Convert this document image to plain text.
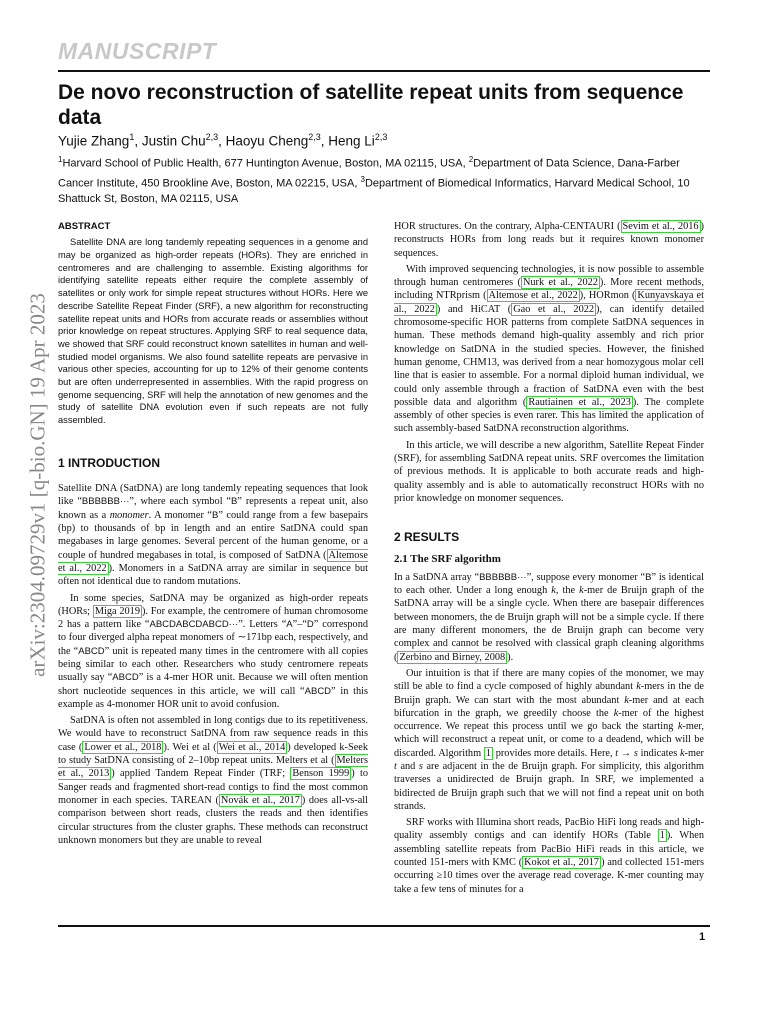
MANUSCRIPT
De novo reconstruction of satellite repeat units from sequence data
Yujie Zhang$^1$, Justin Chu$^{2,3}$, Haoyu Cheng$^{2,3}$, Heng Li$^{2,3}$
$^1$Harvard School of Public Health, 677 Huntington Avenue, Boston, MA 02115, USA, $^2$Department of Data Science, Dana-Farber Cancer Institute, 450 Brookline Ave, Boston, MA 02215, USA, $^3$Department of Biomedical Informatics, Harvard Medical School, 10 Shattuck St, Boston, MA 02115, USA
arXiv:2304.09729v1 [q-bio.GN] 19 Apr 2023
ABSTRACT

Satellite DNA are long tandemly repeating sequences in a genome and may be organized as high-order repeats (HORs). They are enriched in centromeres and are challenging to assemble. Existing algorithms for identifying satellite repeats either require the complete assembly of satellites or only work for simple repeat structures without HORs. Here we describe Satellite Repeat Finder (SRF), a new algorithm for reconstructing satellite repeat units and HORs from accurate reads or assemblies without prior knowledge on repeat structures. Applying SRF to real sequence data, we showed that SRF could reconstruct known satellites in human and well-studied model organisms. We also found satellite repeats are pervasive in various other species, accounting for up to 12% of their genome contents but are often underrepresented in assemblies. With the rapid progress on genome sequencing, SRF will help the annotation of new genomes and the study of satellite DNA evolution even if such repeats are not fully assembled.

1 INTRODUCTION

Satellite DNA (SatDNA) are long tandemly repeating sequences that look like “BBBBBB···”, where each symbol “B” represents a repeat unit, also known as a monomer. A monomer “B” could range from a few basepairs (bp) to thousands of bp in length and an entire SatDNA could span megabases in large genomes. Several percent of the human genome, or a couple of hundred megabases in total, is composed of SatDNA ( Altemose et al., 2022 ). Monomers in a SatDNA array are similar in sequence but often not identical due to random mutations.

In some species, SatDNA may be organized as high-order repeats (HORs; Miga 2019 ). For example, the centromere of human chromosome 2 has a pattern like “ABCDABCDABCD···”. Letters “A”–“D” correspond to four diverged alpha repeat monomers of ∼171bp each, respectively, and the “ABCD” unit is repeated many times in the centromere with all copies being similar to each other. Researchers who study centromere repeats usually say “ABCD” is a 4-mer HOR unit. Because we will often mention short nucleotide sequences in this article, we will call “ABCD” in this example as 4-monomer HOR unit to avoid confusion.

SatDNA is often not assembled in long contigs due to its repetitiveness. We would have to reconstruct SatDNA from raw sequence reads in this case ( Lower et al., 2018 ). Wei et al ( Wei et al., 2014 ) developed k-Seek to study SatDNA consisting of 2–10bp repeat units. Melters et al ( Melters et al., 2013 ) applied Tandem Repeat Finder (TRF; Benson 1999 ) to Sanger reads and fragmented short-read contigs to find the most common monomer in each species. TAREAN ( Novák et al., 2017 ) does all-vs-all comparison between short reads, clusters the reads and then identifies circular structures from the cluster graphs. These methods can reconstruct unknown monomers but they are unable to reveal

HOR structures. On the contrary, Alpha-CENTAURI ( Sevim et al., 2016 ) reconstructs HORs from long reads but it requires known monomer sequences.

With improved sequencing technologies, it is now possible to assemble through human centromeres ( Nurk et al., 2022 ). More recent methods, including NTRprism ( Altemose et al., 2022 ), HORmon ( Kunyavskaya et al., 2022 ) and HiCAT ( Gao et al., 2022 ), can identify detailed chromosome-specific HOR patterns from complete SatDNA sequences in human. These methods demand high-quality assembly and rich prior knowledge on SatDNA in the studied species. However, the finished human genome, CHM13, was derived from a near homozygous molar cell line that is easier to assemble. For a normal diploid human individual, we could only assemble through a fraction of SatDNA even with the best possible data and algorithm ( Rautiainen et al., 2023 ). The complete assembly of other species is even rarer. This has limited the application of such assembly-based SatDNA reconstruction algorithms.

In this article, we will describe a new algorithm, Satellite Repeat Finder (SRF), for assembling SatDNA repeat units. SRF overcomes the limitation of previous methods. It is applicable to both accurate reads and high-quality assembly and is able to automatically reconstruct HORs with no prior knowledge on monomer sequences.

2 RESULTS
2.1 The SRF algorithm

In a SatDNA array “BBBBBB···”, suppose every monomer “B” is identical to each other. Under a long enough k, the k-mer de Bruijn graph of the SatDNA array will be a single cycle. When there are basepair differences between monomers, the de Bruijn graph will not be a simple cycle. If there are many different monomers, the de Bruijn graph can become very complex and cannot be resolved with classical graph cleaning algorithms ( Zerbino and Birney, 2008 ).

Our intuition is that if there are many copies of the monomer, we may still be able to find a cycle composed of highly abundant k-mers in the de Bruijn graph. We can start with the most abundant k-mer and at each bifurcation in the graph, we greedily choose the k-mer of the highest occurrence. We repeat this process until we go back the starting k-mer, which will reconstruct a repeat unit, or come to a deadend, which will be discarded. Algorithm 1 provides more details. Here, t → s indicates k-mer t and s are adjacent in the de Bruijn graph. For simplicity, this algorithm traverses a unidirected de Bruijn graph. In SRF, we implemented a bidirected de Bruijn graph such that we will not find a repeat unit on both strands.

SRF works with Illumina short reads, PacBio HiFi long reads and high-quality assembly contigs and can identify HORs (Table 1 ). When assembling satellite repeats from PacBio HiFi reads in this article, we counted 151-mers with KMC ( Kokot et al., 2017 ) and collected 151-mers occurring ≥10 times over the average read coverage. K-mer counting may take a few tens of minutes for a

1
